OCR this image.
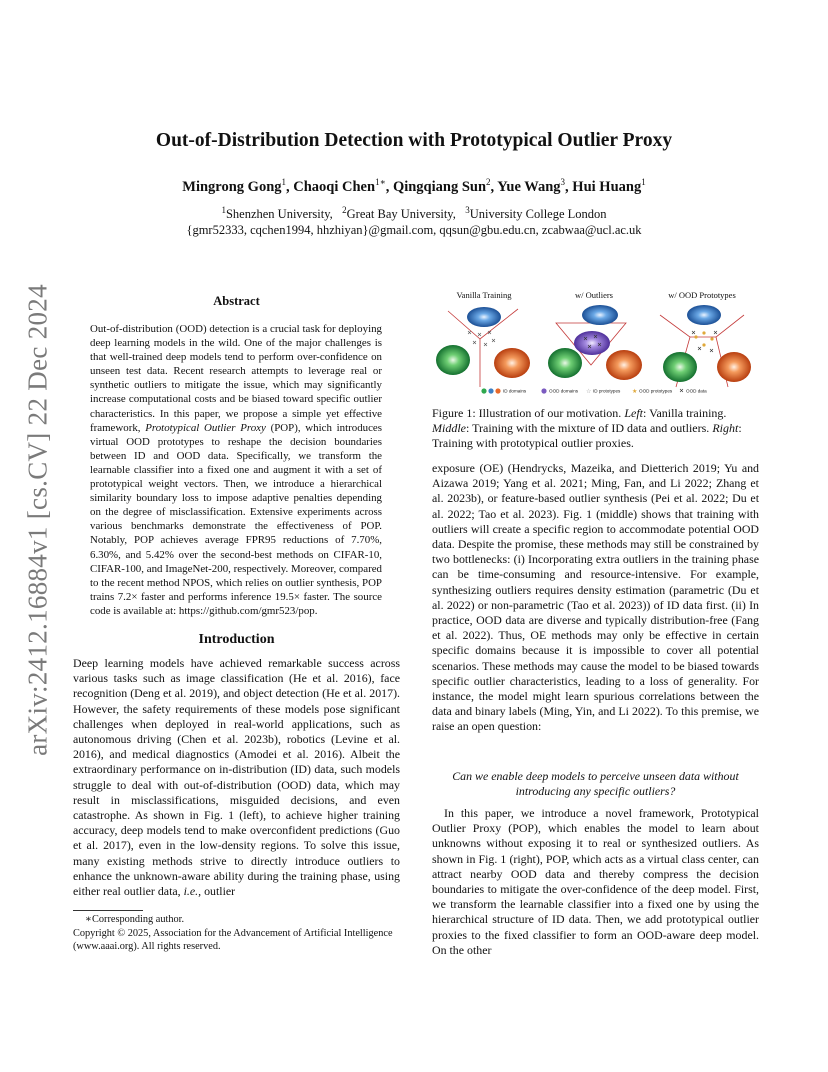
arXiv:2412.16884v1 [cs.CV] 22 Dec 2024
Out-of-Distribution Detection with Prototypical Outlier Proxy
Mingrong Gong$^1$, Chaoqi Chen$^{1∗}$, Qingqiang Sun$^2$, Yue Wang$^3$, Hui Huang$^1$
$^1$Shenzhen University, $^2$Great Bay University, $^3$University College London
{gmr52333, cqchen1994, hhzhiyan}@gmail.com, qqsun@gbu.edu.cn, zcabwaa@ucl.ac.uk
Abstract
Out-of-distribution (OOD) detection is a crucial task for deploying deep learning models in the wild. One of the major challenges is that well-trained deep models tend to perform over-confidence on unseen test data. Recent research attempts to leverage real or synthetic outliers to mitigate the issue, which may significantly increase computational costs and be biased toward specific outlier characteristics. In this paper, we propose a simple yet effective framework, Prototypical Outlier Proxy (POP), which introduces virtual OOD prototypes to reshape the decision boundaries between ID and OOD data. Specifically, we transform the learnable classifier into a fixed one and augment it with a set of prototypical weight vectors. Then, we introduce a hierarchical similarity boundary loss to impose adaptive penalties depending on the degree of misclassification. Extensive experiments across various benchmarks demonstrate the effectiveness of POP. Notably, POP achieves average FPR95 reductions of 7.70%, 6.30%, and 5.42% over the second-best methods on CIFAR-10, CIFAR-100, and ImageNet-200, respectively. Moreover, compared to the recent method NPOS, which relies on outlier synthesis, POP trains 7.2× faster and performs inference 19.5× faster. The source code is available at: https://github.com/gmr523/pop.
Introduction
Deep learning models have achieved remarkable success across various tasks such as image classification (He et al. 2016), face recognition (Deng et al. 2019), and object detection (He et al. 2017). However, the safety requirements of these models pose significant challenges when deployed in real-world applications, such as autonomous driving (Chen et al. 2023b), robotics (Levine et al. 2016), and medical diagnostics (Amodei et al. 2016). Albeit the extraordinary performance on in-distribution (ID) data, such models struggle to deal with out-of-distribution (OOD) data, which may result in misclassifications, misguided decisions, and even catastrophe. As shown in Fig. 1 (left), to achieve higher training accuracy, deep models tend to make overconfident predictions (Guo et al. 2017), even in the low-density regions. To solve this issue, many existing methods strive to directly introduce outliers to enhance the unknown-aware ability during the training phase, using either real outlier data, i.e., outlier
∗Corresponding author.
Copyright © 2025, Association for the Advancement of Artificial Intelligence (www.aaai.org). All rights reserved.
Vanilla Training	w/ Outliers	w/ OOD Prototypes
ID domains	OOD domains ☆ ID prototypes ★ OOD prototypes	OOD data
Figure 1: Illustration of our motivation. Left: Vanilla training. Middle: Training with the mixture of ID data and outliers. Right: Training with prototypical outlier proxies.
exposure (OE) (Hendrycks, Mazeika, and Dietterich 2019; Yu and Aizawa 2019; Yang et al. 2021; Ming, Fan, and Li 2022; Zhang et al. 2023b), or feature-based outlier synthesis (Pei et al. 2022; Du et al. 2022; Tao et al. 2023). Fig. 1 (middle) shows that training with outliers will create a specific region to accommodate potential OOD data. Despite the promise, these methods may still be constrained by two bottlenecks: (i) Incorporating extra outliers in the training phase can be time-consuming and resource-intensive. For example, synthesizing outliers requires density estimation (parametric (Du et al. 2022) or non-parametric (Tao et al. 2023)) of ID data first. (ii) In practice, OOD data are diverse and typically distribution-free (Fang et al. 2022). Thus, OE methods may only be effective in certain specific domains because it is impossible to cover all potential scenarios. These methods may cause the model to be biased towards specific outlier characteristics, leading to a loss of generality. For instance, the model might learn spurious correlations between the data and binary labels (Ming, Yin, and Li 2022). To this premise, we raise an open question:
Can we enable deep models to perceive unseen data without introducing any specific outliers?
In this paper, we introduce a novel framework, Prototypical Outlier Proxy (POP), which enables the model to learn about unknowns without exposing it to real or synthesized outliers. As shown in Fig. 1 (right), POP, which acts as a virtual class center, can attract nearby OOD data and thereby compress the decision boundaries to mitigate the over-confidence of the deep model. First, we transform the learnable classifier into a fixed one by using the hierarchical structure of ID data. Then, we add prototypical outlier proxies to the fixed classifier to form an OOD-aware deep model. On the other
